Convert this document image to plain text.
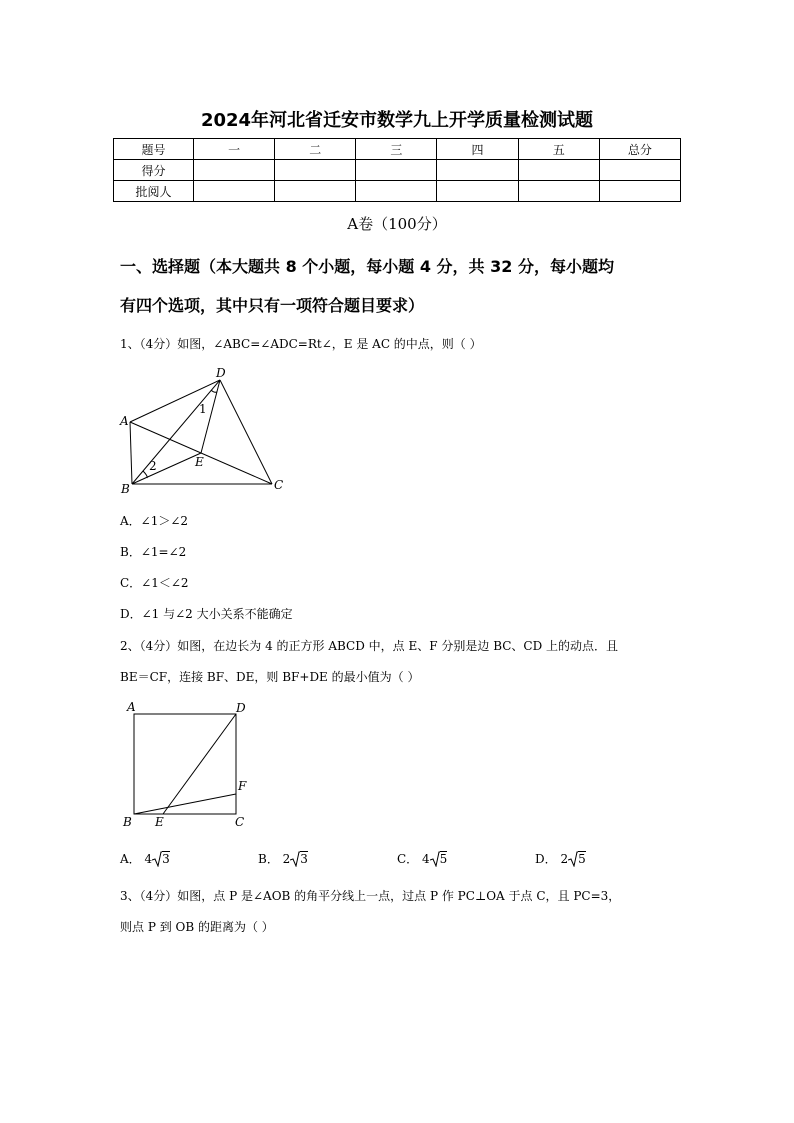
2024年河北省迁安市数学九上开学质量检测试题
题号	一	二	三	四	五	总分
得分						
批阅人						
A卷（100分）
一、选择题（本大题共 8 个小题，每小题 4 分，共 32 分，每小题均
有四个选项，其中只有一项符合题目要求）
1、（4分）如图，∠ABC=∠ADC=Rt∠，E 是 AC 的中点，则（ ）
D
A
B	C
E
1
2
A．∠1＞∠2
B．∠1=∠2
C．∠1＜∠2
D．∠1 与∠2 大小关系不能确定
2、（4分）如图，在边长为 4 的正方形 ABCD 中，点 E、F 分别是边 BC、CD 上的动点．且
BE＝CF，连接 BF、DE，则 BF+DE 的最小值为（ ）
A	D
F
B E	C
A． 4 3	B． 2 3	C． 4 5	D． 2 5
3、（4分）如图，点 P 是∠AOB 的角平分线上一点，过点 P 作 PC⊥OA 于点 C，且 PC=3，
则点 P 到 OB 的距离为（ ）
